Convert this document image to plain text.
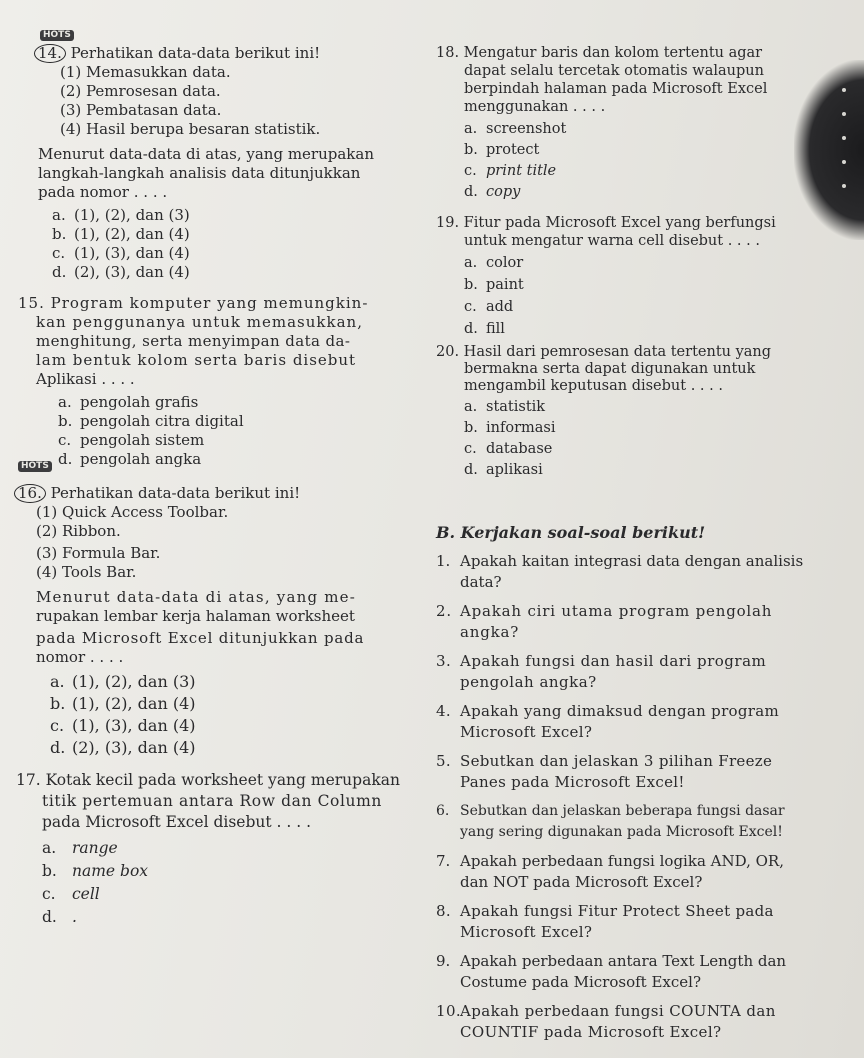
HOTS
14. Perhatikan data-data berikut ini!
(1) Memasukkan data.
(2) Pemrosesan data.
(3) Pembatasan data.
(4) Hasil berupa besaran statistik.
Menurut data-data di atas, yang merupakan
langkah-langkah analisis data ditunjukkan
pada nomor . . . .
a. (1), (2), dan (3)
b. (1), (2), dan (4)
c. (1), (3), dan (4)
d. (2), (3), dan (4)
15. Program komputer yang memungkin-
kan penggunanya untuk memasukkan,
menghitung, serta menyimpan data da-
lam bentuk kolom serta baris disebut
Aplikasi . . . .
a. pengolah grafis
b. pengolah citra digital
c. pengolah sistem
d. pengolah angka
HOTS
16. Perhatikan data-data berikut ini!
(1) Quick Access Toolbar.
(2) Ribbon.
(3) Formula Bar.
(4) Tools Bar.
Menurut data-data di atas, yang me-
rupakan lembar kerja halaman worksheet
pada Microsoft Excel ditunjukkan pada
nomor . . . .
a. (1), (2), dan (3)
b. (1), (2), dan (4)
c. (1), (3), dan (4)
d. (2), (3), dan (4)
17. Kotak kecil pada worksheet yang merupakan
titik pertemuan antara Row dan Column
pada Microsoft Excel disebut . . . .
a. range
b. name box
c. cell
d. .
18. Mengatur baris dan kolom tertentu agar
dapat selalu tercetak otomatis walaupun
berpindah halaman pada Microsoft Excel
menggunakan . . . .
a. screenshot
b. protect
c. print title
d. copy
19. Fitur pada Microsoft Excel yang berfungsi
untuk mengatur warna cell disebut . . . .
a. color
b. paint
c. add
d. fill
20. Hasil dari pemrosesan data tertentu yang
bermakna serta dapat digunakan untuk
mengambil keputusan disebut . . . .
a. statistik
b. informasi
c. database
d. aplikasi
B. Kerjakan soal-soal berikut!
1. Apakah kaitan integrasi data dengan analisis
data?
2. Apakah ciri utama program pengolah
angka?
3. Apakah fungsi dan hasil dari program
pengolah angka?
4. Apakah yang dimaksud dengan program
Microsoft Excel?
5. Sebutkan dan jelaskan 3 pilihan Freeze
Panes pada Microsoft Excel!
6. Sebutkan dan jelaskan beberapa fungsi dasar
yang sering digunakan pada Microsoft Excel!
7. Apakah perbedaan fungsi logika AND, OR,
dan NOT pada Microsoft Excel?
8. Apakah fungsi Fitur Protect Sheet pada
Microsoft Excel?
9. Apakah perbedaan antara Text Length dan
Costume pada Microsoft Excel?
10.Apakah perbedaan fungsi COUNTA dan
COUNTIF pada Microsoft Excel?
